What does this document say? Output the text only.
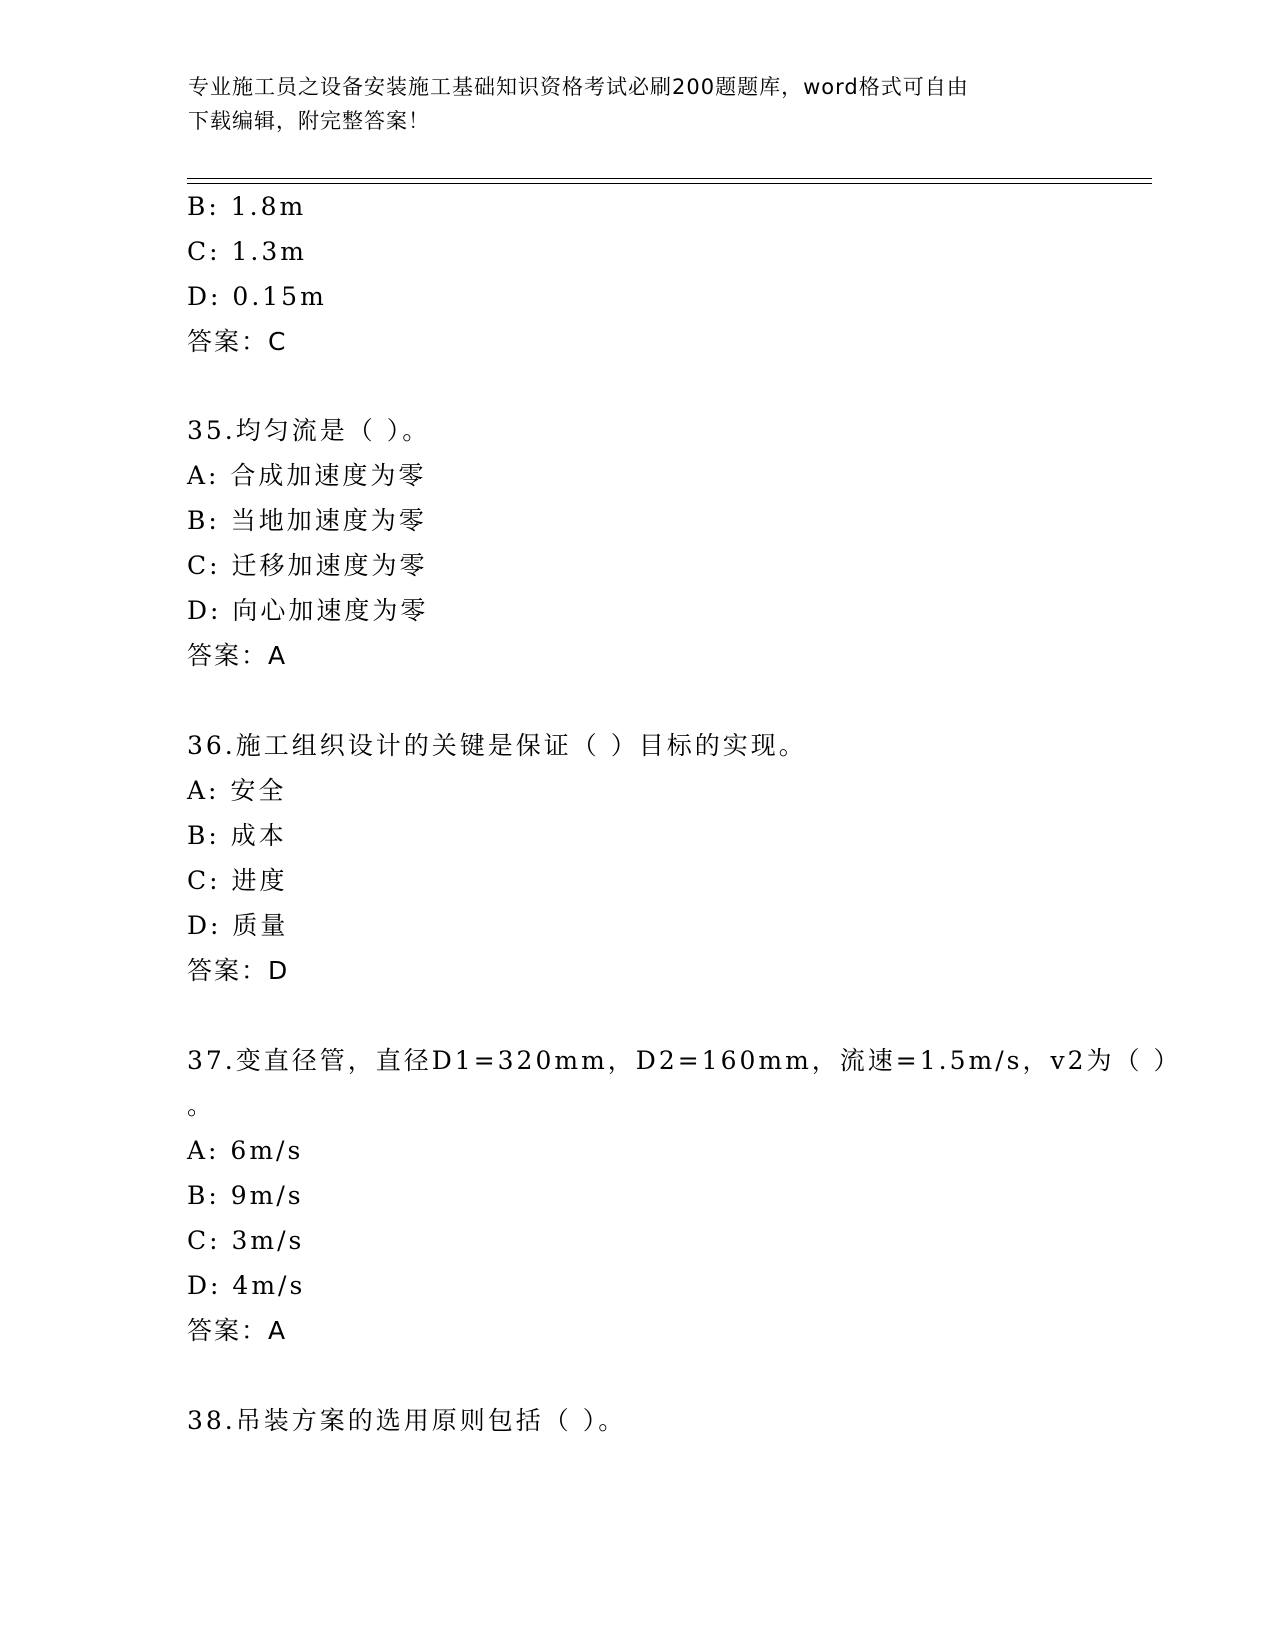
专业施工员之设备安装施工基础知识资格考试必刷200题题库，word格式可自由
下载编辑，附完整答案！
B: 1.8m
C: 1.3m
D: 0.15m
答案：C
35.均匀流是（ ）。
A: 合成加速度为零
B: 当地加速度为零
C: 迁移加速度为零
D: 向心加速度为零
答案：A
36.施工组织设计的关键是保证（ ）目标的实现。
A: 安全
B: 成本
C: 进度
D: 质量
答案：D
37.变直径管，直径D1=320mm，D2=160mm，流速=1.5m/s，v2为（ ）
。
A: 6m/s
B: 9m/s
C: 3m/s
D: 4m/s
答案：A
38.吊装方案的选用原则包括（ ）。
